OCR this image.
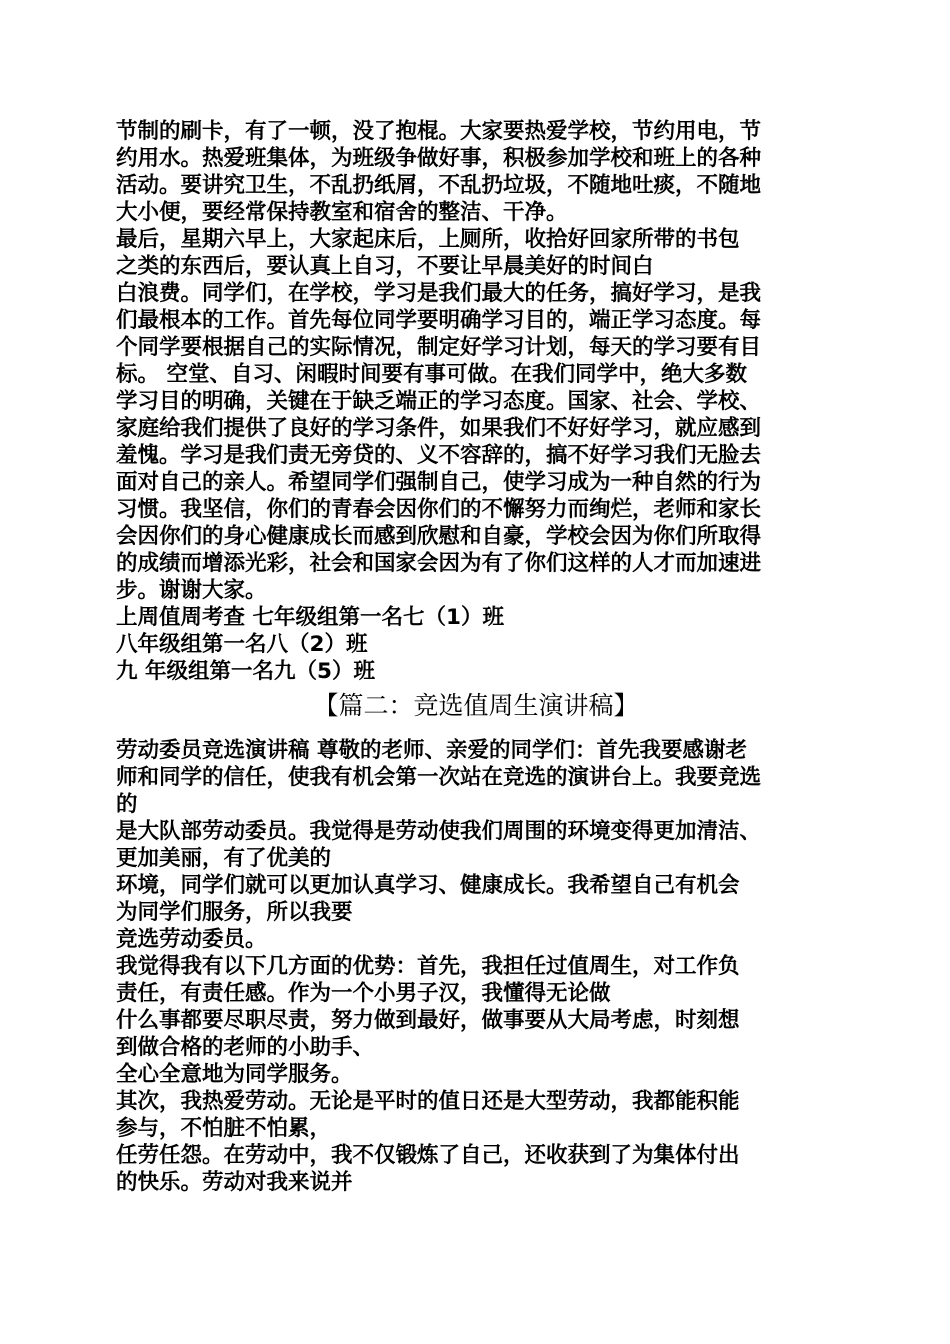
节制的刷卡，有了一顿，没了抱棍。大家要热爱学校，节约用电，节

约用水。热爱班集体，为班级争做好事，积极参加学校和班上的各种

活动。要讲究卫生，不乱扔纸屑，不乱扔垃圾，不随地吐痰，不随地

大小便，要经常保持教室和宿舍的整洁、干净。

最后，星期六早上，大家起床后，上厕所，收拾好回家所带的书包

之类的东西后，要认真上自习，不要让早晨美好的时间白

白浪费。同学们，在学校，学习是我们最大的任务，搞好学习，是我

们最根本的工作。首先每位同学要明确学习目的，端正学习态度。每

个同学要根据自己的实际情况，制定好学习计划，每天的学习要有目

标。 空堂、自习、闲暇时间要有事可做。在我们同学中，绝大多数

学习目的明确，关键在于缺乏端正的学习态度。国家、社会、学校、

家庭给我们提供了良好的学习条件，如果我们不好好学习，就应感到

羞愧。学习是我们责无旁贷的、义不容辞的，搞不好学习我们无脸去

面对自己的亲人。希望同学们强制自己，使学习成为一种自然的行为

习惯。我坚信，你们的青春会因你们的不懈努力而绚烂，老师和家长

会因你们的身心健康成长而感到欣慰和自豪，学校会因为你们所取得

的成绩而增添光彩，社会和国家会因为有了你们这样的人才而加速进

步。谢谢大家。

上周值周考查 七年级组第一名七（1）班

八年级组第一名八（2）班

九 年级组第一名九（5）班

【篇二：竞选值周生演讲稿】

劳动委员竞选演讲稿 尊敬的老师、亲爱的同学们：首先我要感谢老

师和同学的信任，使我有机会第一次站在竞选的演讲台上。我要竞选

的

是大队部劳动委员。我觉得是劳动使我们周围的环境变得更加清洁、

更加美丽，有了优美的

环境，同学们就可以更加认真学习、健康成长。我希望自己有机会

为同学们服务，所以我要

竞选劳动委员。

我觉得我有以下几方面的优势：首先，我担任过值周生，对工作负

责任，有责任感。作为一个小男子汉，我懂得无论做

什么事都要尽职尽责，努力做到最好，做事要从大局考虑，时刻想

到做合格的老师的小助手、

全心全意地为同学服务。

其次，我热爱劳动。无论是平时的值日还是大型劳动，我都能积能

参与，不怕脏不怕累，

任劳任怨。在劳动中，我不仅锻炼了自己，还收获到了为集体付出

的快乐。劳动对我来说并
